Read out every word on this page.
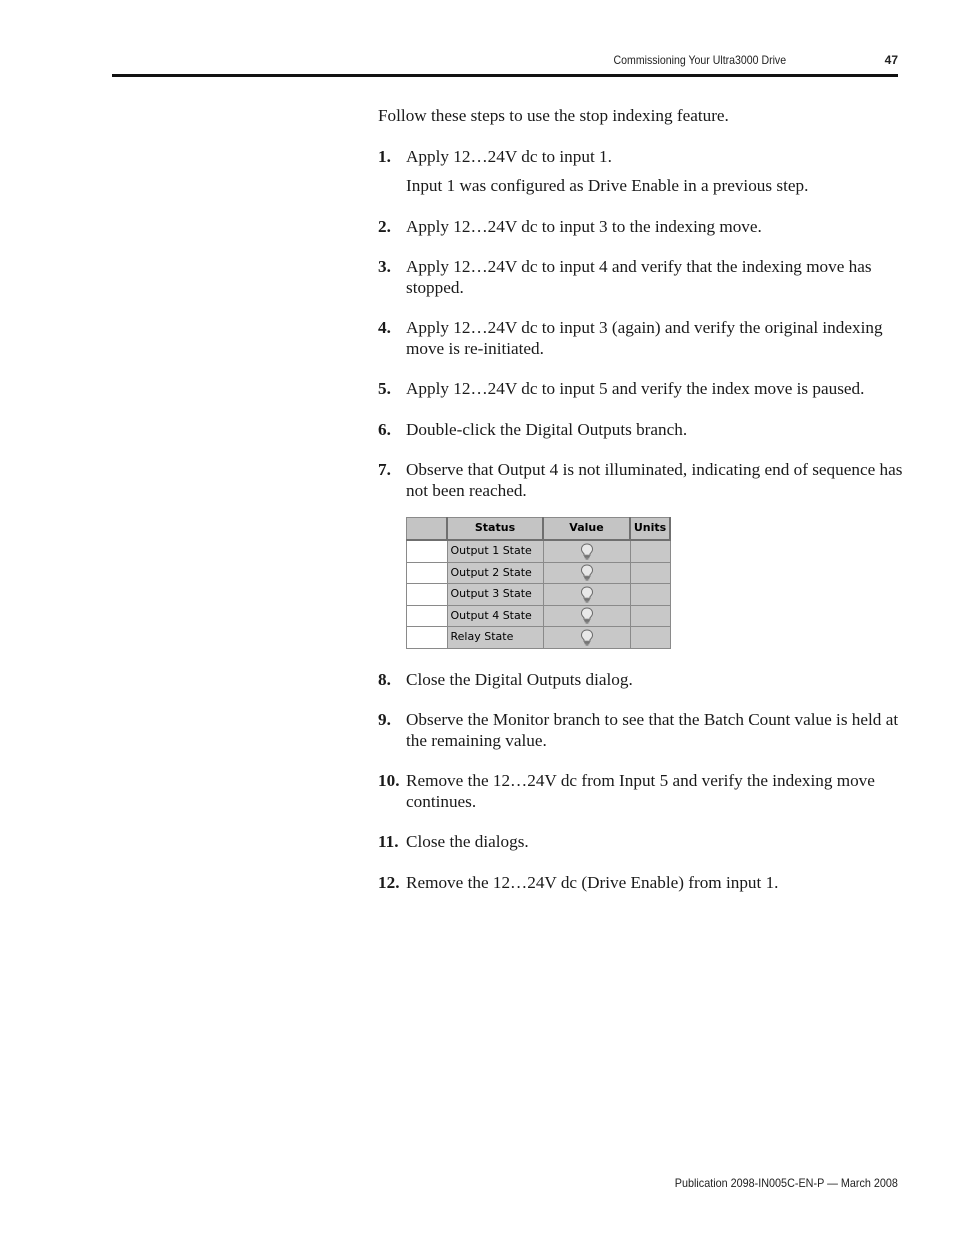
Commissioning Your Ultra3000 Drive	47

Follow these steps to use the stop indexing feature.

1. Apply 12…24V dc to input 1.
Input 1 was configured as Drive Enable in a previous step.
2. Apply 12…24V dc to input 3 to the indexing move.
3. Apply 12…24V dc to input 4 and verify that the indexing move has stopped.
4. Apply 12…24V dc to input 3 (again) and verify the original indexing move is re-initiated.
5. Apply 12…24V dc to input 5 and verify the index move is paused.
6. Double-click the Digital Outputs branch.
7. Observe that Output 4 is not illuminated, indicating end of sequence has not been reached.
	Status	Value	Units
	Output 1 State		
	Output 2 State		
	Output 3 State		
	Output 4 State		
	Relay State		
8. Close the Digital Outputs dialog.
9. Observe the Monitor branch to see that the Batch Count value is held at the remaining value.
10. Remove the 12…24V dc from Input 5 and verify the indexing move continues.
11. Close the dialogs.
12. Remove the 12…24V dc (Drive Enable) from input 1.
Publication 2098-IN005C-EN-P — March 2008
